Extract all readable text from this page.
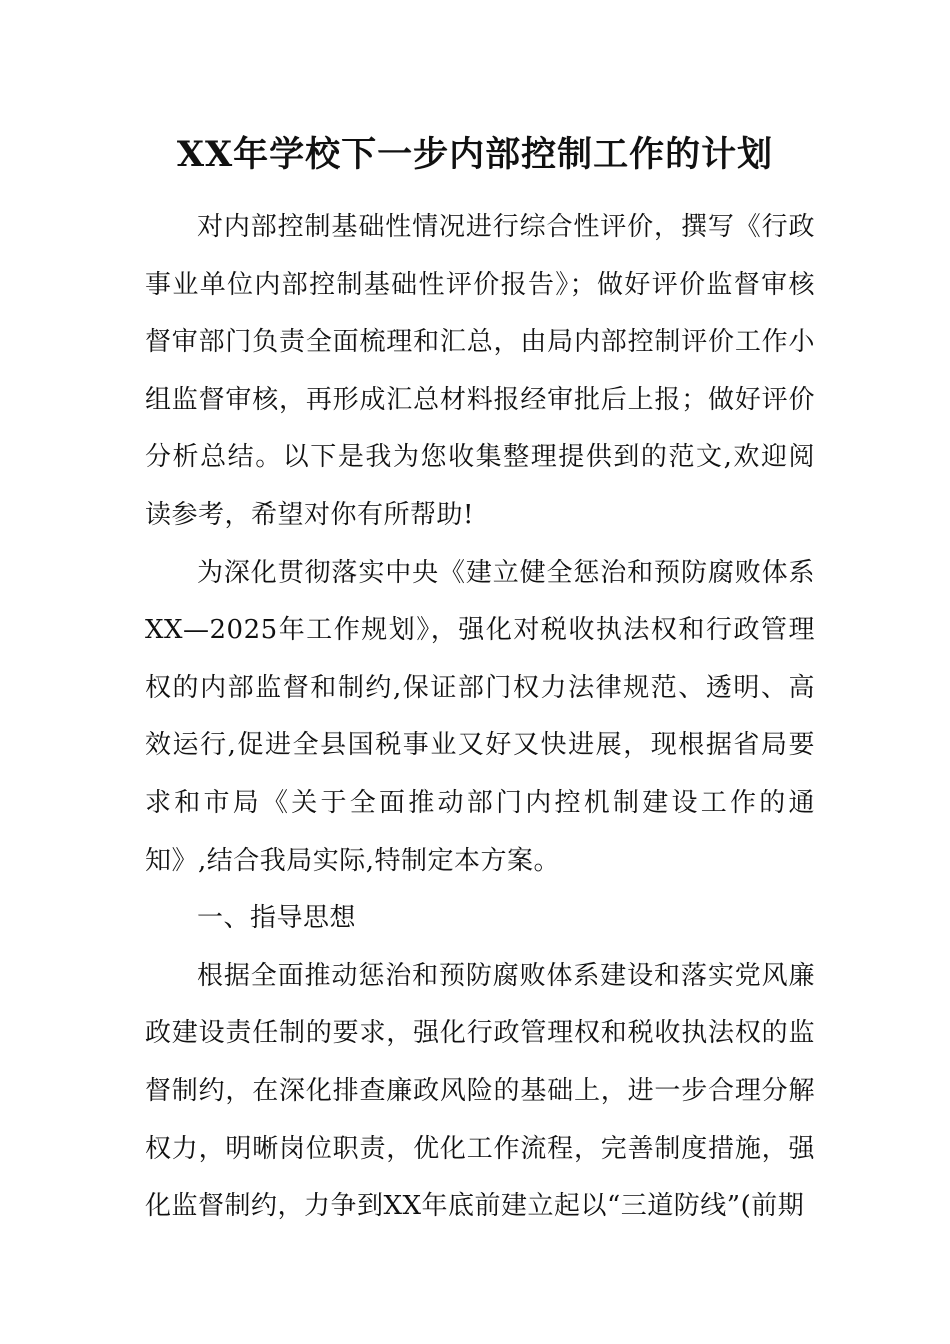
XX年学校下一步内部控制工作的计划

对内部控制基础性情况进行综合性评价，撰写《行政事业单位内部控制基础性评价报告》；做好评价监督审核督审部门负责全面梳理和汇总，由局内部控制评价工作小组监督审核，再形成汇总材料报经审批后上报；做好评价分析总结。以下是我为您收集整理提供到的范文,欢迎阅读参考，希望对你有所帮助!

为深化贯彻落实中央《建立健全惩治和预防腐败体系XX—2025年工作规划》，强化对税收执法权和行政管理权的内部监督和制约,保证部门权力法律规范、透明、高效运行,促进全县国税事业又好又快进展，现根据省局要求和市局《关于全面推动部门内控机制建设工作的通知》,结合我局实际,特制定本方案。

一、指导思想

根据全面推动惩治和预防腐败体系建设和落实党风廉政建设责任制的要求，强化行政管理权和税收执法权的监督制约，在深化排查廉政风险的基础上，进一步合理分解权力，明晰岗位职责，优化工作流程，完善制度措施，强化监督制约，力争到XX年底前建立起以“三道防线”(前期
